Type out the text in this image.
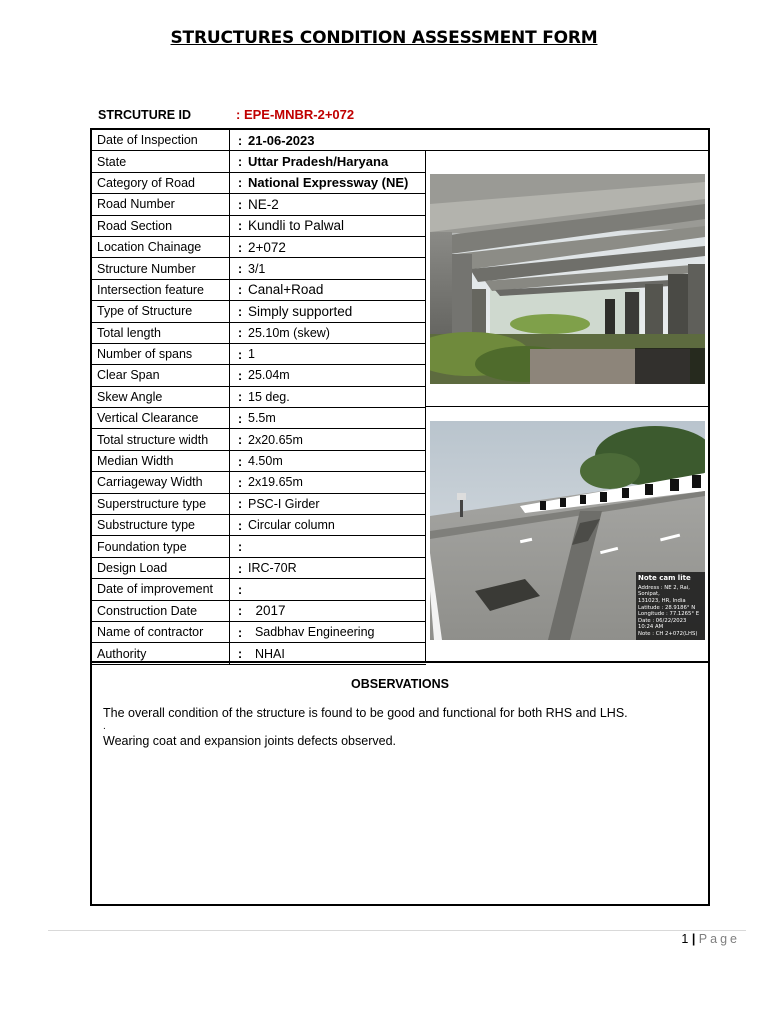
STRUCTURES CONDITION ASSESSMENT FORM
STRCUTURE ID	: EPE-MNBR-2+072
Date of Inspection	: 21-06-2023
State	: Uttar Pradesh/Haryana
Category of Road	: National Expressway (NE)
Road Number	: NE-2
Road Section	: Kundli to Palwal
Location Chainage	: 2+072
Structure Number	: 3/1
Intersection feature	: Canal+Road
Type of Structure	: Simply supported
Total length	: 25.10m (skew)
Number of spans	: 1
Clear Span	: 25.04m
Skew Angle	: 15 deg.
Vertical Clearance	: 5.5m
Total structure width	: 2x20.65m
Median Width	: 4.50m
Carriageway Width	: 2x19.65m
Superstructure type	: PSC-I Girder
Substructure type	: Circular column
Foundation type	:
Design Load	: IRC-70R
Date of improvement	:
Construction Date	: 2017
Name of contractor	: Sadbhav Engineering
Authority	: NHAI
Note cam lite
Address : NE 2, Rai, Sonipat,
131023, HR, India
Latitude : 28.9186° N
Longitude : 77.1265° E
Date : 06/22/2023 10:24 AM
Note : CH 2+072(LHS)
OBSERVATIONS
The overall condition of the structure is found to be good and functional for both RHS and LHS.
.
Wearing coat and expansion joints defects observed.
1 | Page
